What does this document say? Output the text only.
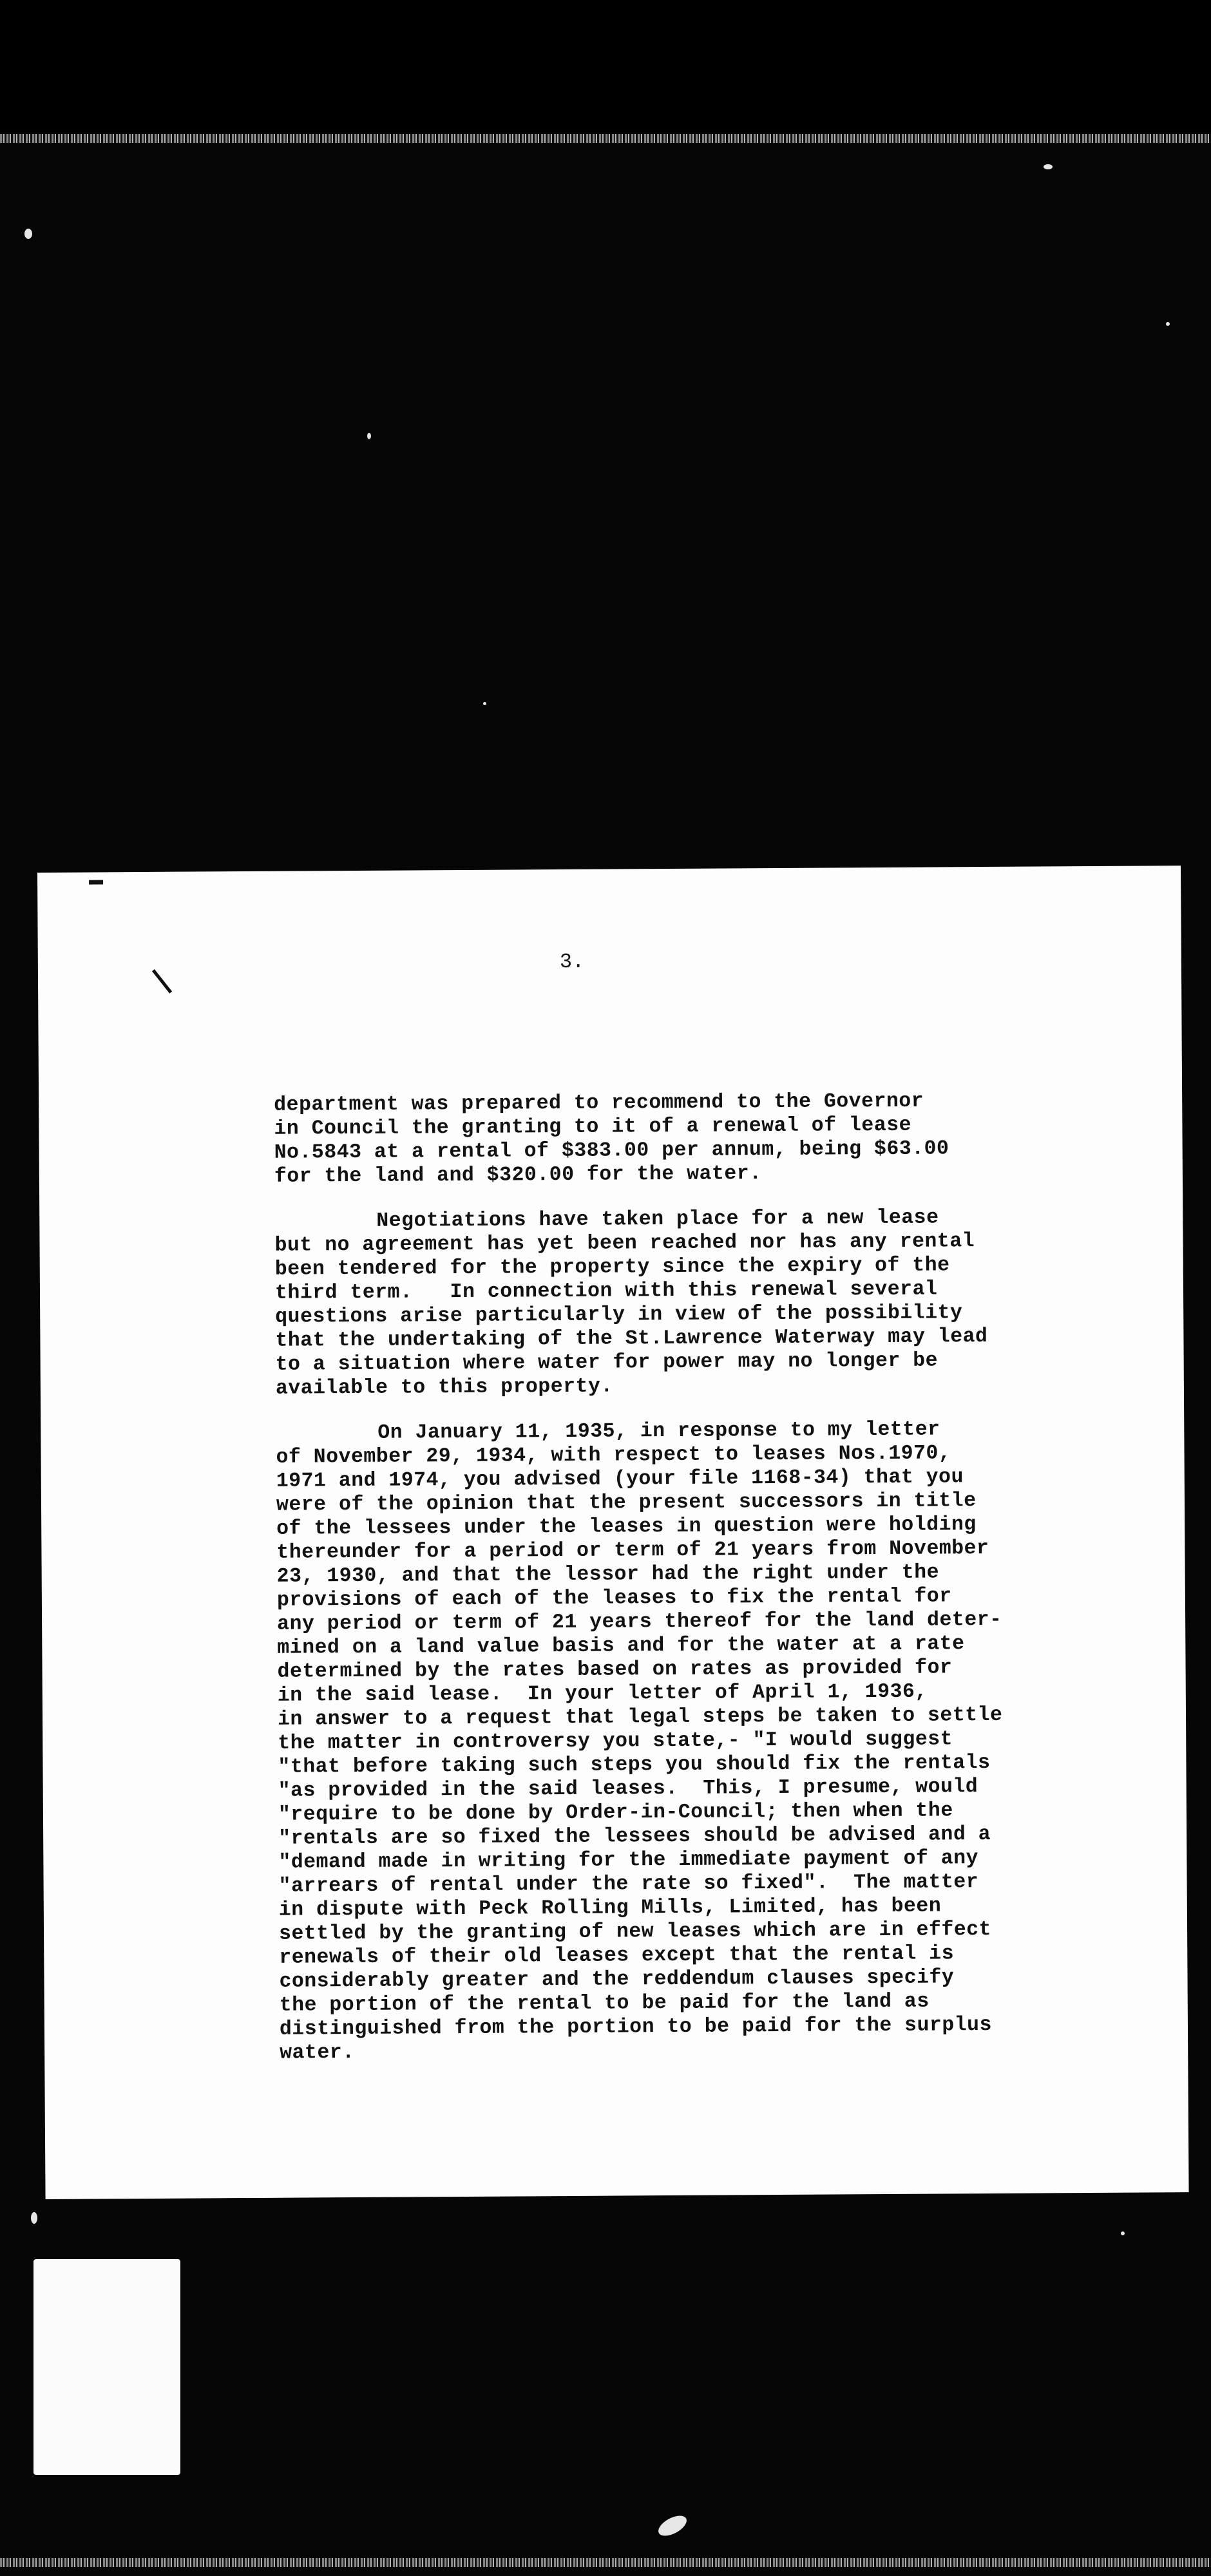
3.

department was prepared to recommend to the Governor

in Council the granting to it of a renewal of lease

No.5843 at a rental of $383.00 per annum, being $63.00

for the land and $320.00 for the water.

Negotiations have taken place for a new lease

but no agreement has yet been reached nor has any rental

been tendered for the property since the expiry of the

third term.   In connection with this renewal several

questions arise particularly in view of the possibility

that the undertaking of the St.Lawrence Waterway may lead

to a situation where water for power may no longer be

available to this property.

On January 11, 1935, in response to my letter

of November 29, 1934, with respect to leases Nos.1970,

1971 and 1974, you advised (your file 1168-34) that you

were of the opinion that the present successors in title

of the lessees under the leases in question were holding

thereunder for a period or term of 21 years from November

23, 1930, and that the lessor had the right under the

provisions of each of the leases to fix the rental for

any period or term of 21 years thereof for the land deter-

mined on a land value basis and for the water at a rate

determined by the rates based on rates as provided for

in the said lease.  In your letter of April 1, 1936,

in answer to a request that legal steps be taken to settle

the matter in controversy you state,- "I would suggest

"that before taking such steps you should fix the rentals

"as provided in the said leases.  This, I presume, would

"require to be done by Order-in-Council; then when the

"rentals are so fixed the lessees should be advised and a

"demand made in writing for the immediate payment of any

"arrears of rental under the rate so fixed".  The matter

in dispute with Peck Rolling Mills, Limited, has been

settled by the granting of new leases which are in effect

renewals of their old leases except that the rental is

considerably greater and the reddendum clauses specify

the portion of the rental to be paid for the land as

distinguished from the portion to be paid for the surplus

water.
